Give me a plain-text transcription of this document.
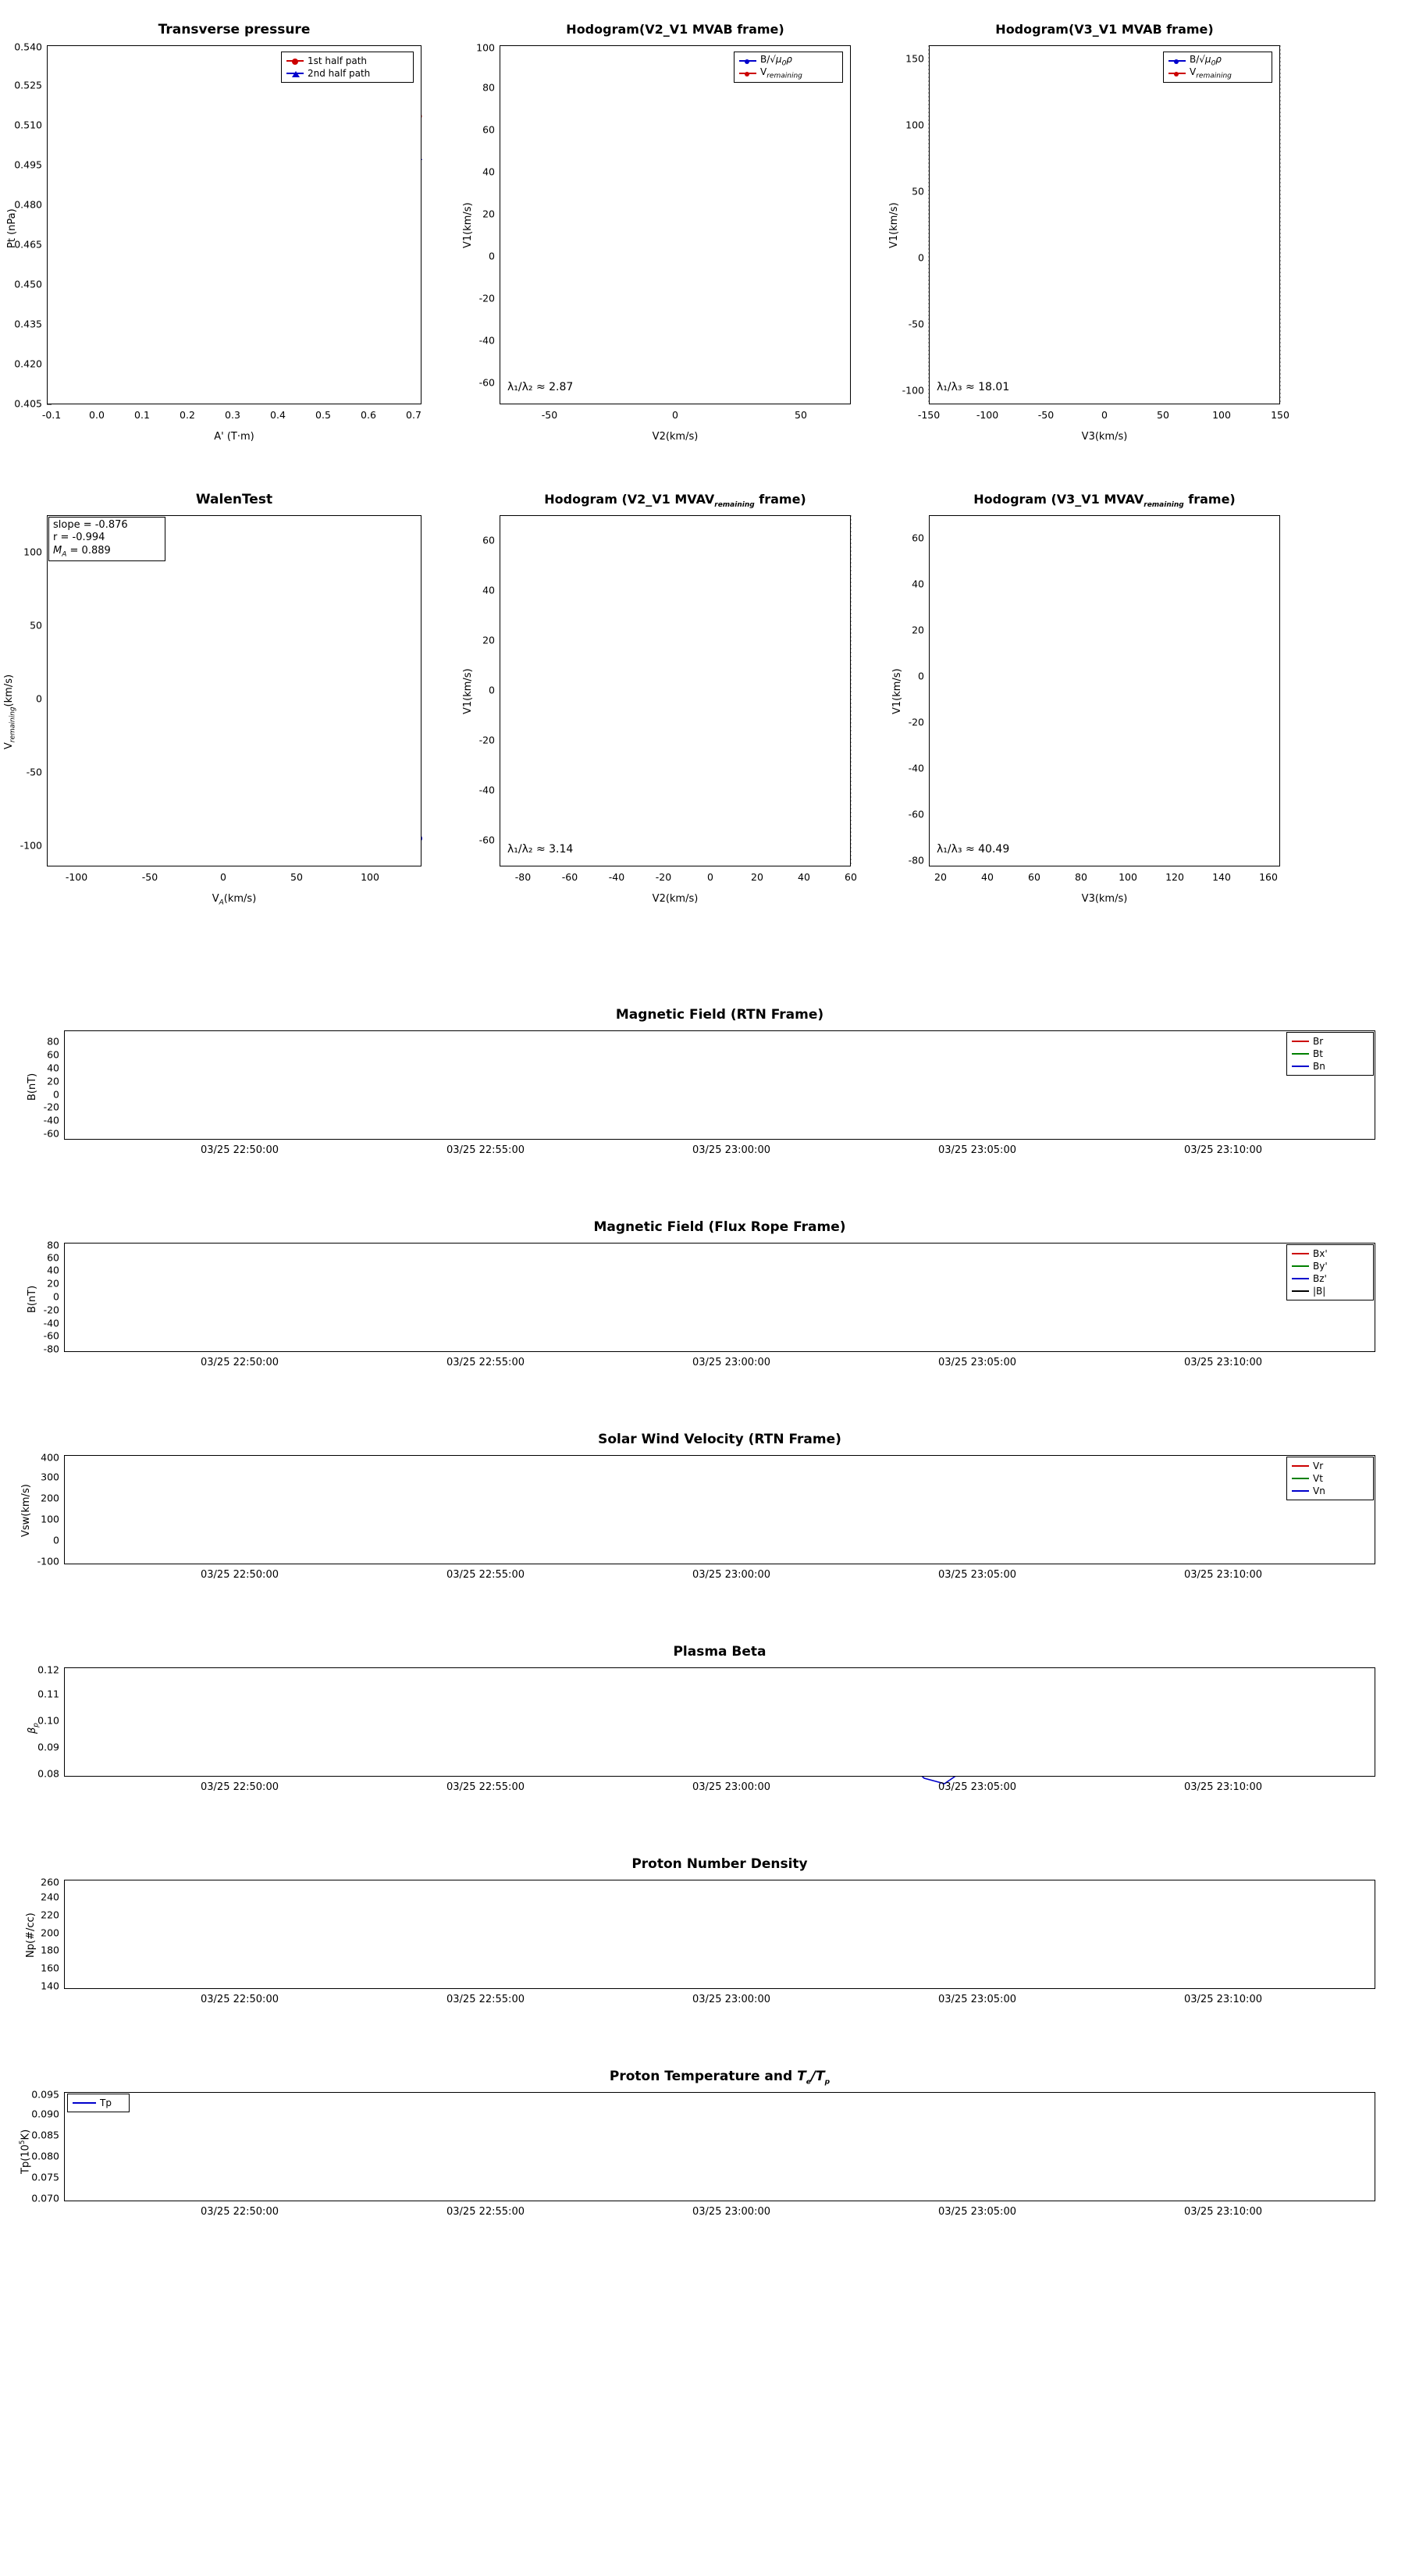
Transverse pressure
0.405
0.420
0.435
0.450
0.465
0.480
0.495
0.510
0.525
0.540
-0.1	0.0	0.1	0.2	0.3	0.4	0.5	0.6	0.7
Pt (nPa)
A' (T·m)
1st half path
2nd half path
Hodogram(V2_V1 MVAB frame)
-60
-40
-20
0
20
40
60
80
100
-50	0	50
V1(km/s)
V2(km/s)
λ₁/λ₂ ≈ 2.87
$B/√\mu_0\rho$
$V_{remaining}$
Hodogram(V3_V1 MVAB frame)
-100
-50
0
50
100
150
-150	-100	-50	0	50	100	150
V1(km/s)
V3(km/s)
λ₁/λ₃ ≈ 18.01
$B/√\mu_0\rho$
$V_{remaining}$
WalenTest
-100
-50
0
50
100
-100	-50	0	50	100
$V_{remaining}(km/s)$
$V_A(km/s)$
slope = -0.876
r = -0.994
$M_A = 0.889$
Hodogram (V2_V1 $MVAV_{remaining}$ frame)
-60
-40
-20
0
20
40
60
-80	-60	-40	-20	0	20	40	60
V1(km/s)
V2(km/s)
λ₁/λ₂ ≈ 3.14
Hodogram (V3_V1 $MVAV_{remaining}$ frame)
-80
-60
-40
-20
0
20
40
60
20	40	60	80	100	120	140	160
V1(km/s)
V3(km/s)
λ₁/λ₃ ≈ 40.49
Magnetic Field (RTN Frame)
-60
-40
-20
0
20
40
60
80
B(nT)
Br
Bt
Bn
03/25 22:50:00	03/25 22:55:00	03/25 23:00:00	03/25 23:05:00	03/25 23:10:00
Magnetic Field (Flux Rope Frame)
-80
-60
-40
-20
0
20
40
60
80
B(nT)
Bx'
By'
Bz'
|B|
03/25 22:50:00	03/25 22:55:00	03/25 23:00:00	03/25 23:05:00	03/25 23:10:00
Solar Wind Velocity (RTN Frame)
-100
0
100
200
300
400
Vsw(km/s)
Vr
Vt
Vn
03/25 22:50:00	03/25 22:55:00	03/25 23:00:00	03/25 23:05:00	03/25 23:10:00
Plasma Beta
0.08
0.09
0.10
0.11
0.12
$\beta_p$
03/25 22:50:00	03/25 22:55:00	03/25 23:00:00	03/25 23:05:00	03/25 23:10:00
Proton Number Density
140
160
180
200
220
240
260
Np(#/cc)
03/25 22:50:00	03/25 22:55:00	03/25 23:00:00	03/25 23:05:00	03/25 23:10:00
Proton Temperature and $T_e/T_p$
0.070
0.075
0.080
0.085
0.090
0.095
$Tp(10^5K)$
Tp
03/25 22:50:00	03/25 22:55:00	03/25 23:00:00	03/25 23:05:00	03/25 23:10:00
